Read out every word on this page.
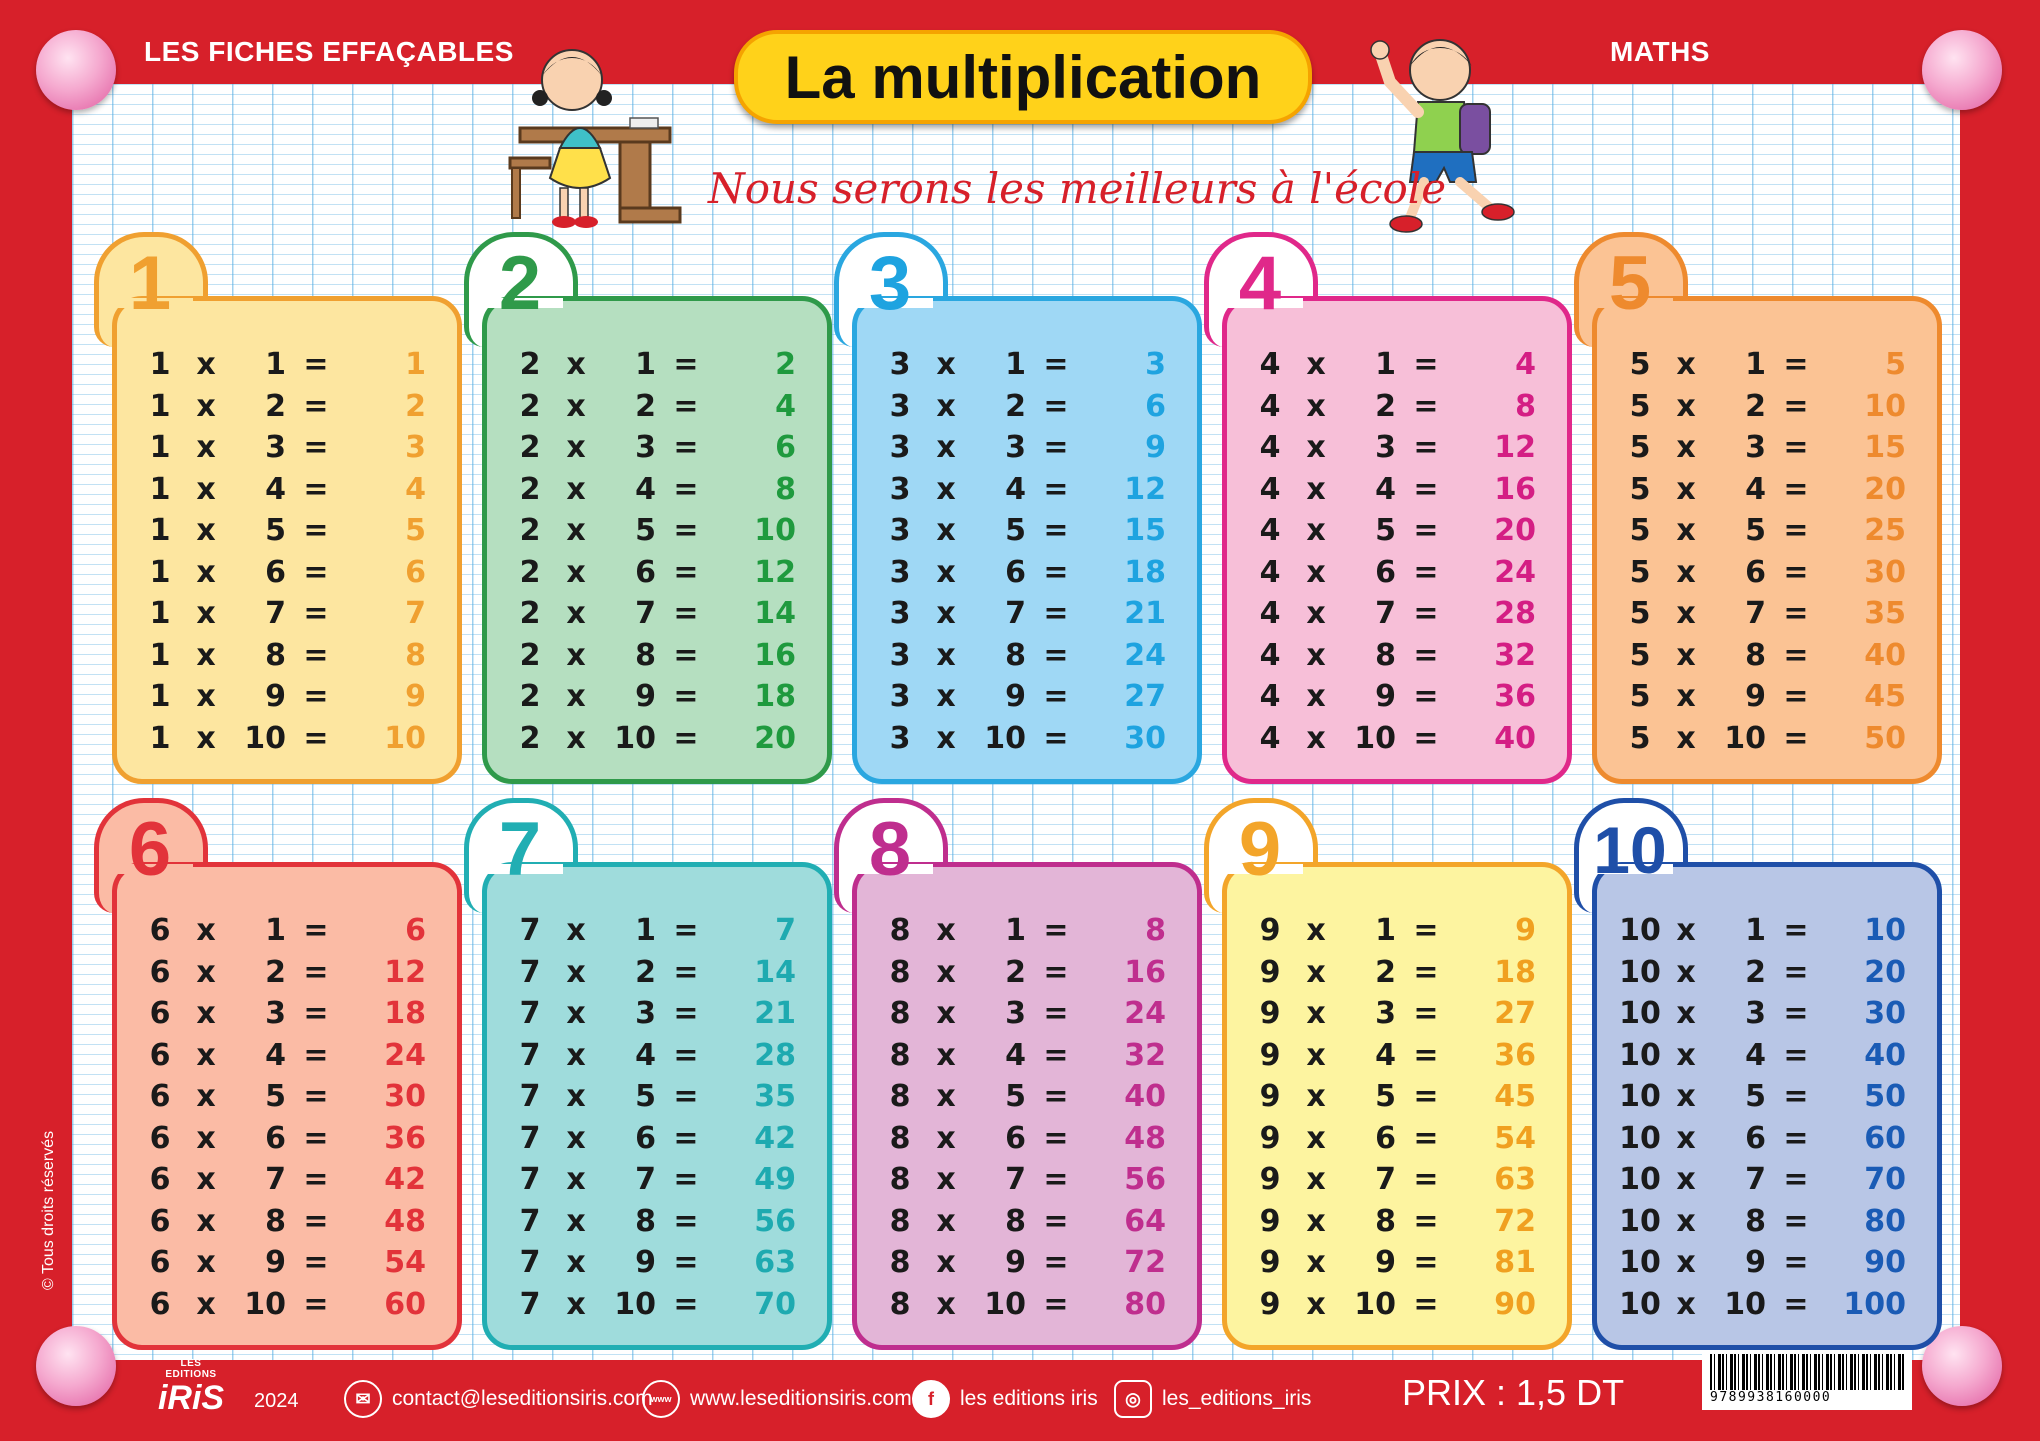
LES FICHES EFFAÇABLES	MATHS
La multiplication
Nous serons les meilleurs à l'école
1
1 x	1 =	1
1 x	2 =	2
1 x	3 =	3
1 x	4 =	4
1 x	5 =	5
1 x	6 =	6
1 x	7 =	7
1 x	8 =	8
1 x	9 =	9
1 x 10 =	10
2
2 x	1 =	2
2 x	2 =	4
2 x	3 =	6
2 x	4 =	8
2 x	5 =	10
2 x	6 =	12
2 x	7 =	14
2 x	8 =	16
2 x	9 =	18
2 x 10 =	20
3
3 x	1 =	3
3 x	2 =	6
3 x	3 =	9
3 x	4 =	12
3 x	5 =	15
3 x	6 =	18
3 x	7 =	21
3 x	8 =	24
3 x	9 =	27
3 x 10 =	30
4
4 x	1 =	4
4 x	2 =	8
4 x	3 =	12
4 x	4 =	16
4 x	5 =	20
4 x	6 =	24
4 x	7 =	28
4 x	8 =	32
4 x	9 =	36
4 x 10 =	40
5
5 x	1 =	5
5 x	2 =	10
5 x	3 =	15
5 x	4 =	20
5 x	5 =	25
5 x	6 =	30
5 x	7 =	35
5 x	8 =	40
5 x	9 =	45
5 x 10 =	50
6
6 x	1 =	6
6 x	2 =	12
6 x	3 =	18
6 x	4 =	24
6 x	5 =	30
6 x	6 =	36
6 x	7 =	42
6 x	8 =	48
6 x	9 =	54
6 x 10 =	60
7
7 x	1 =	7
7 x	2 =	14
7 x	3 =	21
7 x	4 =	28
7 x	5 =	35
7 x	6 =	42
7 x	7 =	49
7 x	8 =	56
7 x	9 =	63
7 x 10 =	70
8
8 x	1 =	8
8 x	2 =	16
8 x	3 =	24
8 x	4 =	32
8 x	5 =	40
8 x	6 =	48
8 x	7 =	56
8 x	8 =	64
8 x	9 =	72
8 x 10 =	80
9
9 x	1 =	9
9 x	2 =	18
9 x	3 =	27
9 x	4 =	36
9 x	5 =	45
9 x	6 =	54
9 x	7 =	63
9 x	8 =	72
9 x	9 =	81
9 x 10 =	90
10
10 x	1 =	10
10 x	2 =	20
10 x	3 =	30
10 x	4 =	40
10 x	5 =	50
10 x	6 =	60
10 x	7 =	70
10 x	8 =	80
10 x	9 =	90
10 x 10 =	100
© Tous droits réservés
LES EDITIONS
iRiS 2024	✉	contact@leseditionsiris.com
www www.leseditionsiris.com f	les editions iris	◎	les_editions_iris	PRIX : 1,5 DT	9789938160000
